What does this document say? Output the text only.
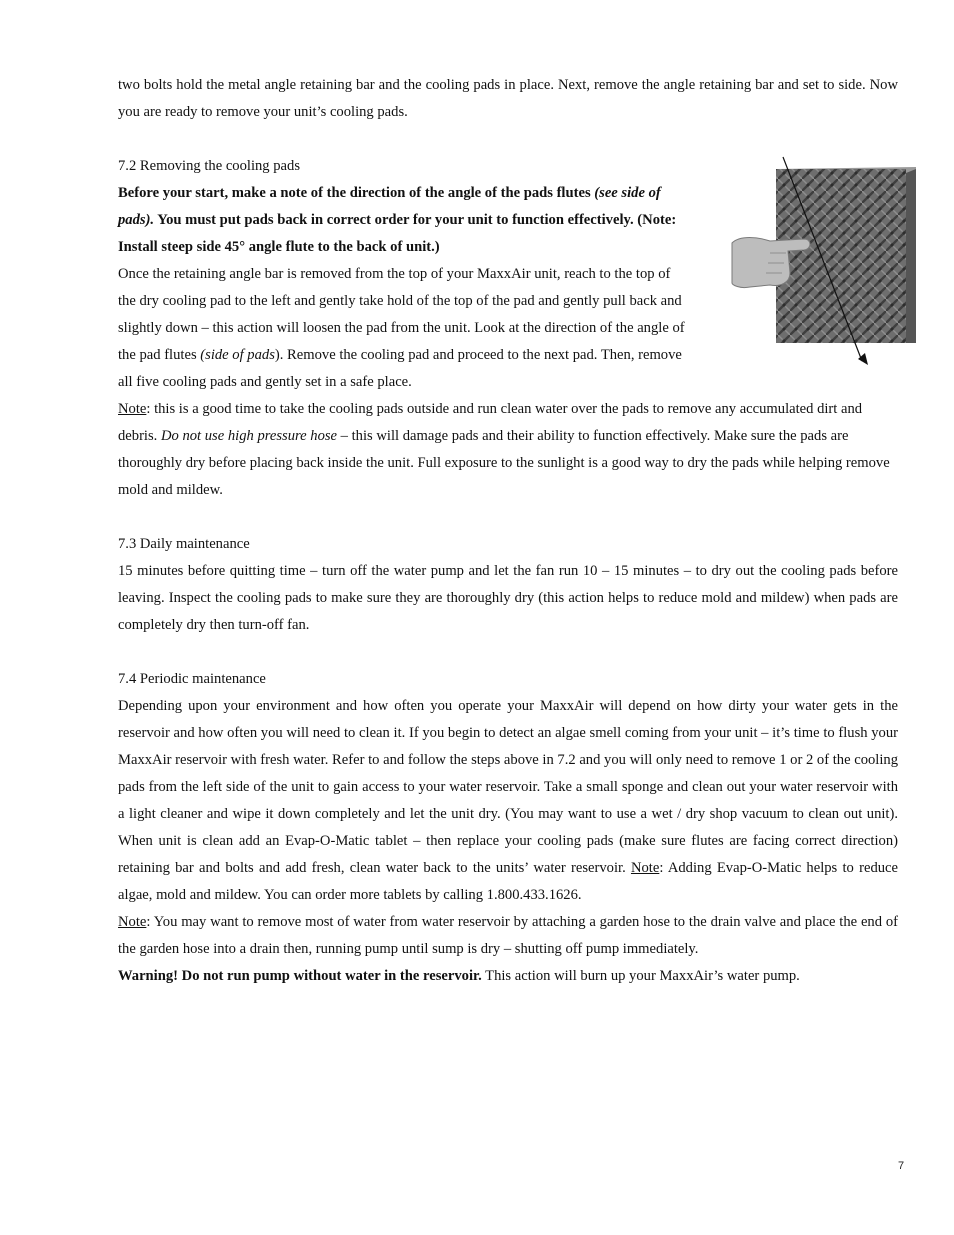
two bolts hold the metal angle retaining bar and the cooling pads in place. Next, remove the angle retaining bar and set to side. Now you are ready to remove your unit’s cooling pads.

7.2 Removing the cooling pads

Before your start, make a note of the direction of the angle of the pads flutes (see side of pads). You must put pads back in correct order for your unit to function effectively. (Note: Install steep side 45° angle flute to the back of unit.)

Once the retaining angle bar is removed from the top of your MaxxAir unit, reach to the top of the dry cooling pad to the left and gently take hold of the top of the pad and gently pull back and slightly down – this action will loosen the pad from the unit. Look at the direction of the angle of the pad flutes (side of pads). Remove the cooling pad and proceed to the next pad. Then, remove all five cooling pads and gently set in a safe place.

Note: this is a good time to take the cooling pads outside and run clean water over the pads to remove any accumulated dirt and debris. Do not use high pressure hose – this will damage pads and their ability to function effectively. Make sure the pads are thoroughly dry before placing back inside the unit. Full exposure to the sunlight is a good way to dry the pads while helping remove mold and mildew.

7.3 Daily maintenance

15 minutes before quitting time – turn off the water pump and let the fan run 10 – 15 minutes – to dry out the cooling pads before leaving. Inspect the cooling pads to make sure they are thoroughly dry (this action helps to reduce mold and mildew) when pads are completely dry then turn-off fan.

7.4 Periodic maintenance

Depending upon your environment and how often you operate your MaxxAir will depend on how dirty your water gets in the reservoir and how often you will need to clean it. If you begin to detect an algae smell coming from your unit – it’s time to flush your MaxxAir reservoir with fresh water. Refer to and follow the steps above in 7.2 and you will only need to remove 1 or 2 of the cooling pads from the left side of the unit to gain access to your water reservoir. Take a small sponge and clean out your water reservoir with a light cleaner and wipe it down completely and let the unit dry. (You may want to use a wet / dry shop vacuum to clean out unit). When unit is clean add an Evap-O-Matic tablet – then replace your cooling pads (make sure flutes are facing correct direction) retaining bar and bolts and add fresh, clean water back to the units’ water reservoir. Note: Adding Evap-O-Matic helps to reduce algae, mold and mildew. You can order more tablets by calling 1.800.433.1626.

Note: You may want to remove most of water from water reservoir by attaching a garden hose to the drain valve and place the end of the garden hose into a drain then, running pump until sump is dry – shutting off pump immediately.

Warning! Do not run pump without water in the reservoir. This action will burn up your MaxxAir’s water pump.

7
